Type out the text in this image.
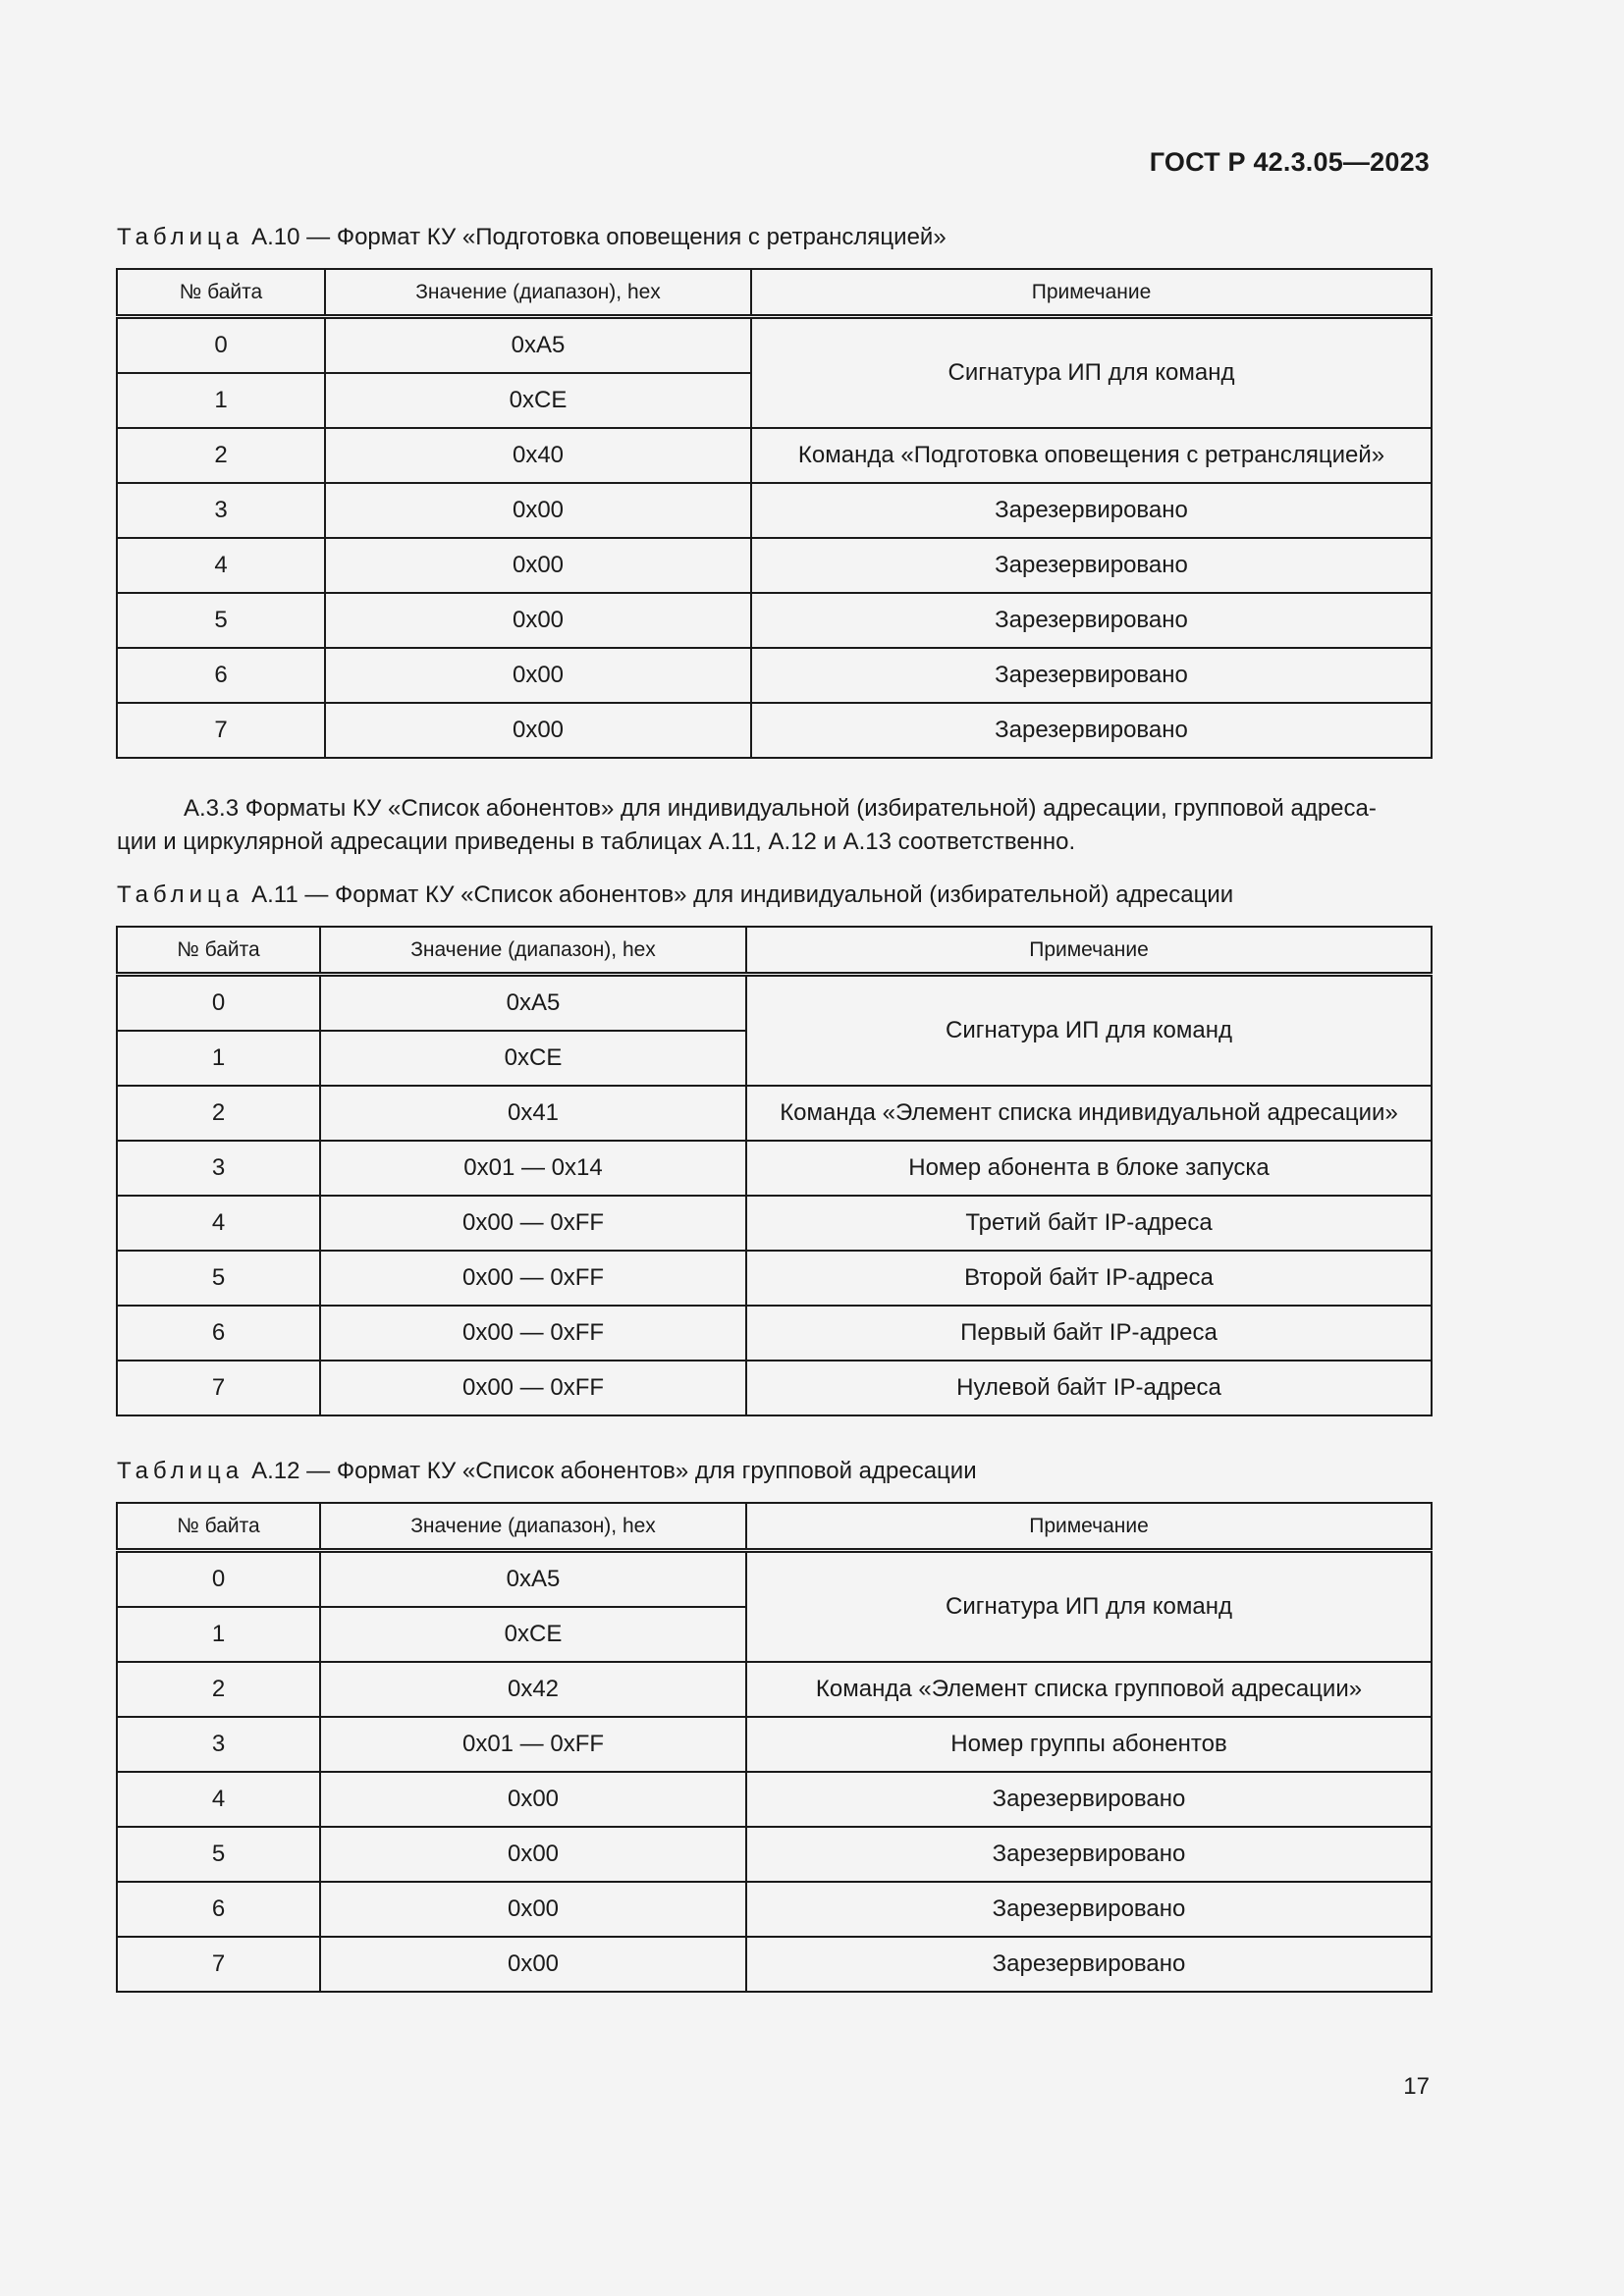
ГОСТ Р 42.3.05—2023
Таблица А.10 — Формат КУ «Подготовка оповещения с ретрансляцией»
№ байта	Значение (диапазон), hex	Примечание
0	0xA5	Сигнатура ИП для команд
1	0xCE	
2	0x40	Команда «Подготовка оповещения с ретрансляцией»
3	0x00	Зарезервировано
4	0x00	Зарезервировано
5	0x00	Зарезервировано
6	0x00	Зарезервировано
7	0x00	Зарезервировано
А.3.3 Форматы КУ «Список абонентов» для индивидуальной (избирательной) адресации, групповой адреса-
ции и циркулярной адресации приведены в таблицах А.11, А.12 и А.13 соответственно.
Таблица А.11 — Формат КУ «Список абонентов» для индивидуальной (избирательной) адресации
№ байта	Значение (диапазон), hex	Примечание
0	0xA5	Сигнатура ИП для команд
1	0xCE	
2	0x41	Команда «Элемент списка индивидуальной адресации»
3	0x01 — 0x14	Номер абонента в блоке запуска
4	0x00 — 0xFF	Третий байт IP-адреса
5	0x00 — 0xFF	Второй байт IP-адреса
6	0x00 — 0xFF	Первый байт IP-адреса
7	0x00 — 0xFF	Нулевой байт IP-адреса
Таблица А.12 — Формат КУ «Список абонентов» для групповой адресации
№ байта	Значение (диапазон), hex	Примечание
0	0xA5	Сигнатура ИП для команд
1	0xCE	
2	0x42	Команда «Элемент списка групповой адресации»
3	0x01 — 0xFF	Номер группы абонентов
4	0x00	Зарезервировано
5	0x00	Зарезервировано
6	0x00	Зарезервировано
7	0x00	Зарезервировано
17
